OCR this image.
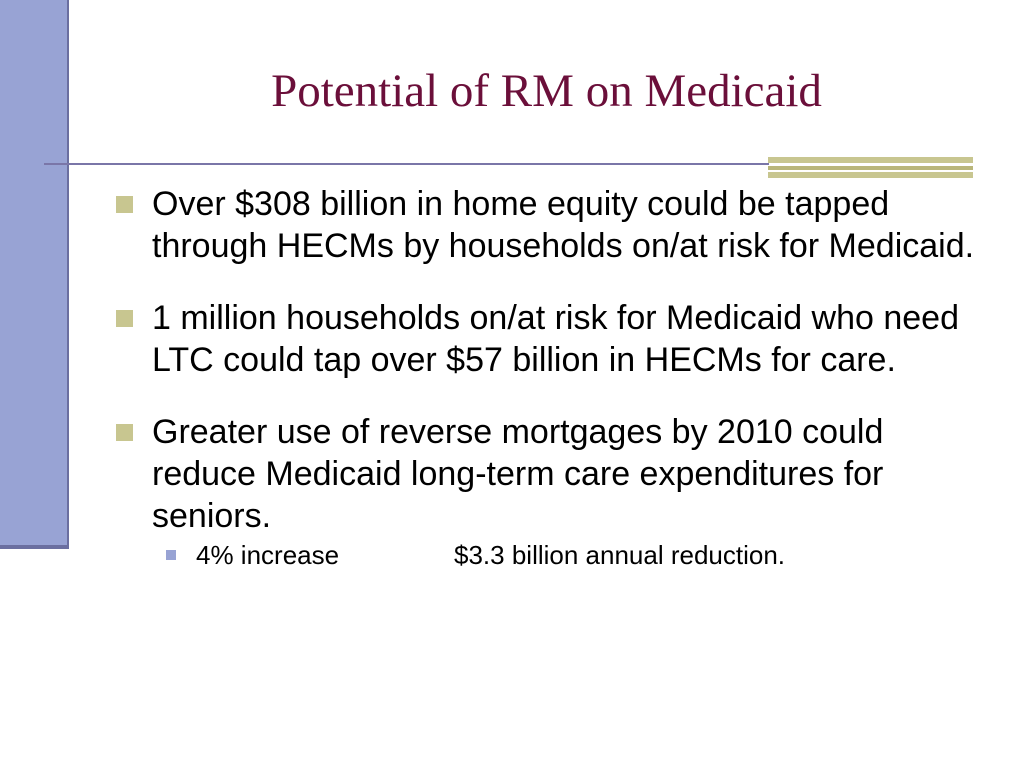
Potential of RM on Medicaid
Over $308 billion in home equity could be tapped through HECMs by households on/at risk for Medicaid.
1 million households on/at risk for Medicaid who need LTC could tap over $57 billion in HECMs for care.
Greater use of reverse mortgages by 2010 could reduce Medicaid long-term care expenditures for seniors.
4% increase	$3.3 billion annual reduction.
